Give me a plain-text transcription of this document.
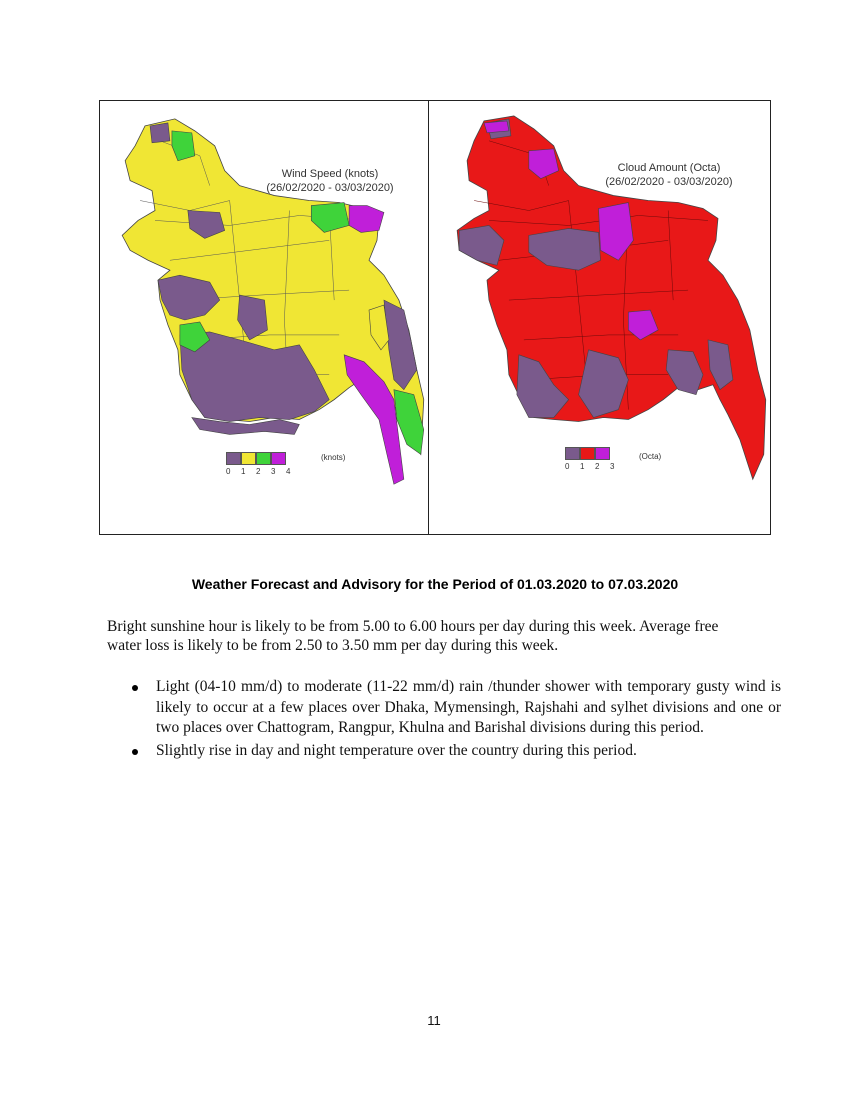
Wind Speed (knots)
(26/02/2020 - 03/03/2020)
0	1	2	3	4
(knots)
Cloud Amount (Octa)
(26/02/2020 - 03/03/2020)
0	1	2	3
(Octa)
Weather Forecast and Advisory for the Period of 01.03.2020 to 07.03.2020

Bright sunshine hour is likely to be from 5.00 to 6.00 hours per day during this week. Average free water loss is likely to be from 2.50 to 3.50 mm per day during this week.

Light (04-10 mm/d) to moderate (11-22 mm/d) rain /thunder shower with temporary gusty wind is likely to occur at a few places over Dhaka, Mymensingh, Rajshahi and sylhet divisions and one or two places over Chattogram, Rangpur, Khulna and Barishal divisions during this period.
Slightly rise in day and night temperature over the country during this period.
11
